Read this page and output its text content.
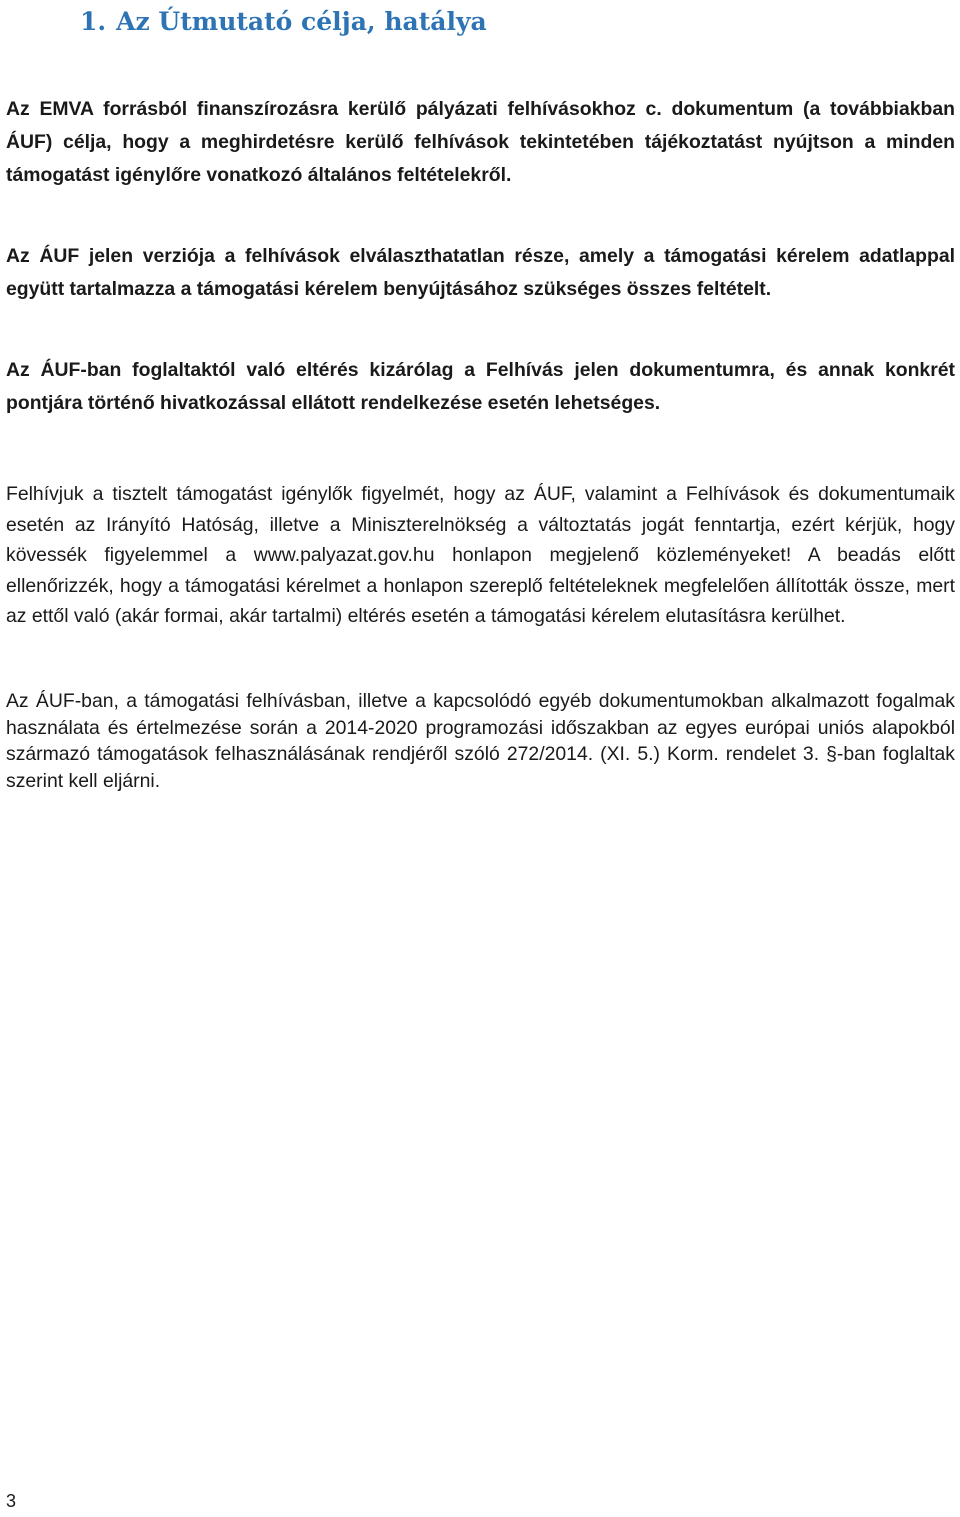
1. Az Útmutató célja, hatálya

Az EMVA forrásból finanszírozásra kerülő pályázati felhívásokhoz c. dokumentum (a továbbiakban ÁUF) célja, hogy a meghirdetésre kerülő felhívások tekintetében tájékoztatást nyújtson a minden támogatást igénylőre vonatkozó általános feltételekről.

Az ÁUF jelen verziója a felhívások elválaszthatatlan része, amely a támogatási kérelem adatlappal együtt tartalmazza a támogatási kérelem benyújtásához szükséges összes feltételt.

Az ÁUF-ban foglaltaktól való eltérés kizárólag a Felhívás jelen dokumentumra, és annak konkrét pontjára történő hivatkozással ellátott rendelkezése esetén lehetséges.

Felhívjuk a tisztelt támogatást igénylők figyelmét, hogy az ÁUF, valamint a Felhívások és dokumentumaik esetén az Irányító Hatóság, illetve a Miniszterelnökség a változtatás jogát fenntartja, ezért kérjük, hogy kövessék figyelemmel a www.palyazat.gov.hu honlapon megjelenő közleményeket! A beadás előtt ellenőrizzék, hogy a támogatási kérelmet a honlapon szereplő feltételeknek megfelelően állították össze, mert az ettől való (akár formai, akár tartalmi) eltérés esetén a támogatási kérelem elutasításra kerülhet.

Az ÁUF-ban, a támogatási felhívásban, illetve a kapcsolódó egyéb dokumentumokban alkalmazott fogalmak használata és értelmezése során a 2014-2020 programozási időszakban az egyes európai uniós alapokból származó támogatások felhasználásának rendjéről szóló 272/2014. (XI. 5.) Korm. rendelet 3. §-ban foglaltak szerint kell eljárni.

3
